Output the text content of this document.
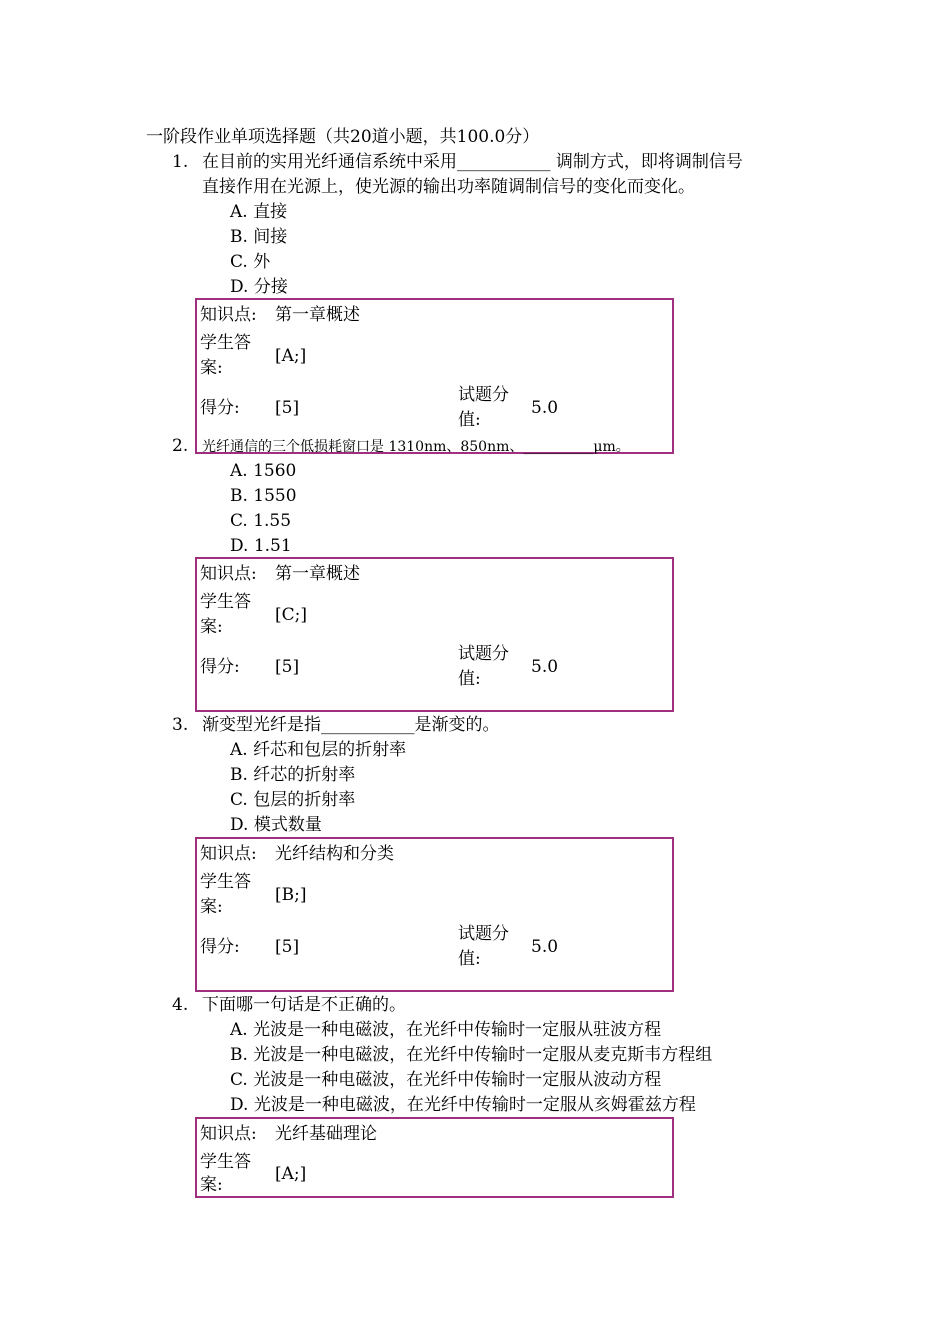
一阶段作业单项选择题（共20道小题，共100.0分）
1. 在目前的实用光纤通信系统中采用___________ 调制方式，即将调制信号
直接作用在光源上，使光源的输出功率随调制信号的变化而变化。
A. 直接
B. 间接
C. 外
D. 分接
知识点: 第一章概述
学生答
案:
[A;]
得分: [5]
试题分
值:
5.0
2. 光纤通信的三个低损耗窗口是 1310nm、850nm、__________μm。
A. 1560
B. 1550
C. 1.55
D. 1.51
知识点: 第一章概述
学生答
案:
[C;]
得分: [5]
试题分
值:
5.0
3. 渐变型光纤是指___________是渐变的。
A. 纤芯和包层的折射率
B. 纤芯的折射率
C. 包层的折射率
D. 模式数量
知识点: 光纤结构和分类
学生答
案:
[B;]
得分: [5]
试题分
值:
5.0
4. 下面哪一句话是不正确的。
A. 光波是一种电磁波，在光纤中传输时一定服从驻波方程
B. 光波是一种电磁波，在光纤中传输时一定服从麦克斯韦方程组
C. 光波是一种电磁波，在光纤中传输时一定服从波动方程
D. 光波是一种电磁波，在光纤中传输时一定服从亥姆霍兹方程
知识点: 光纤基础理论
学生答
案:
[A;]
